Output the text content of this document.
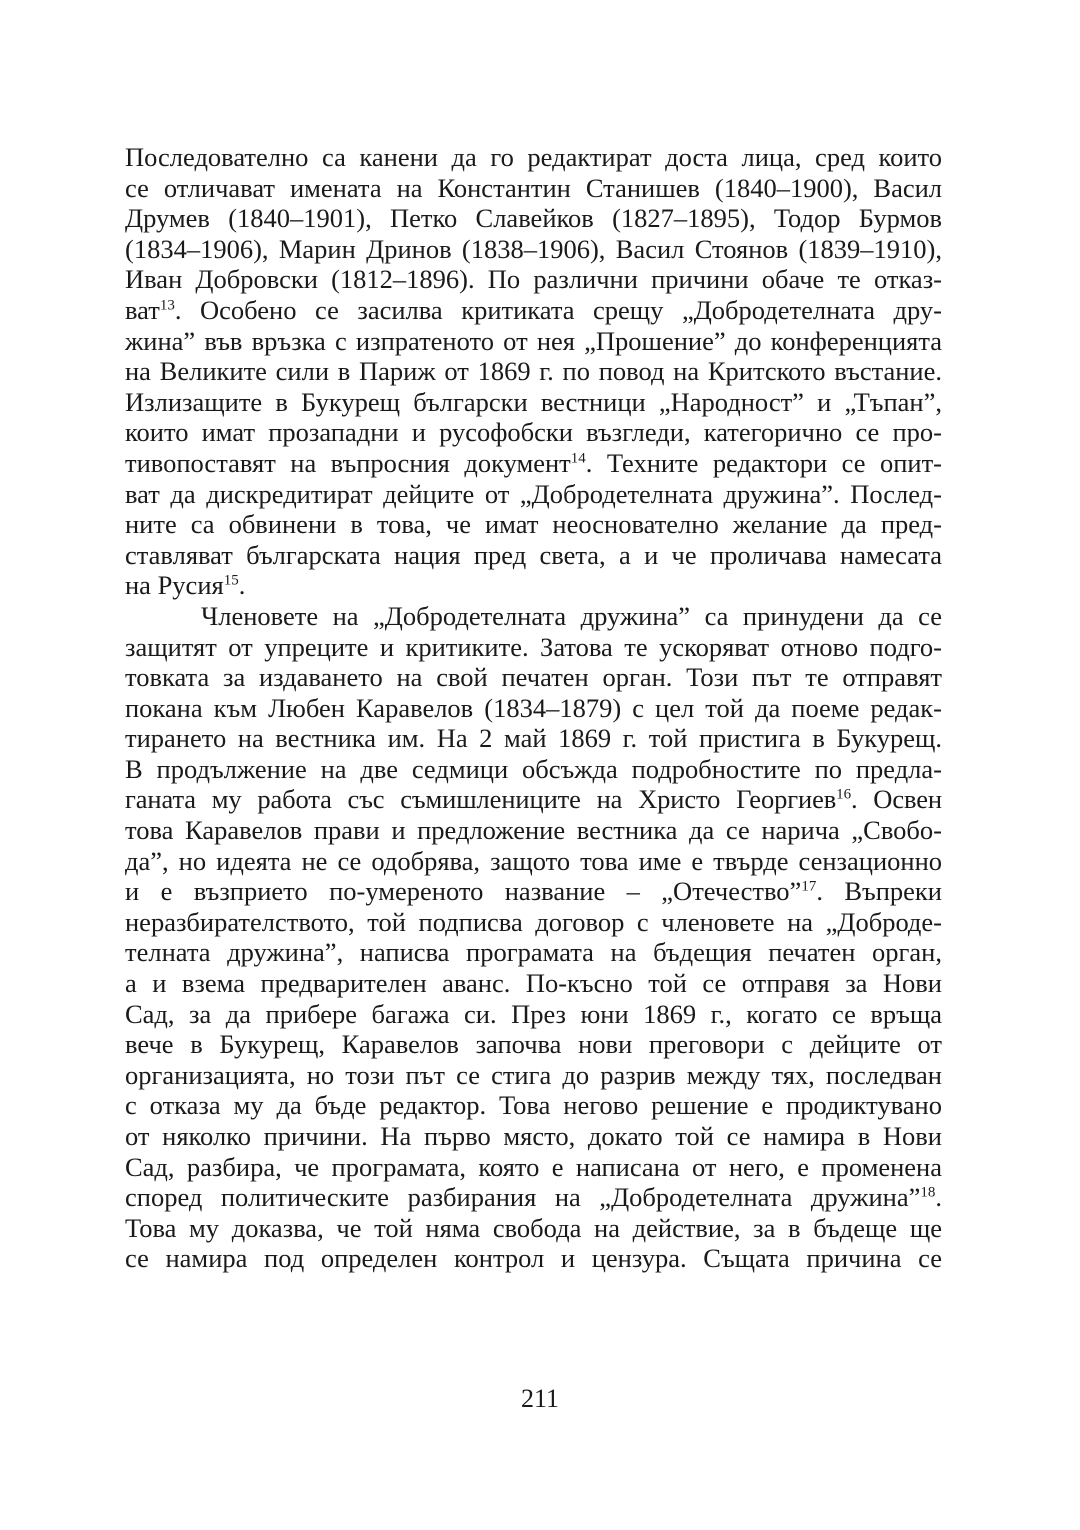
Последователно са канени да го редактират доста лица, сред които
се отличават имената на Константин Станишев (1840–1900), Васил
Друмев (1840–1901), Петко Славейков (1827–1895), Тодор Бурмов
(1834–1906), Марин Дринов (1838–1906), Васил Стоянов (1839–1910),
Иван Добровски (1812–1896). По различни причини обаче те отказ-
ват$^{13}$. Особено се засилва критиката срещу „Добродетелната дру-
жина” във връзка с изпратеното от нея „Прошение” до конференцията
на Великите сили в Париж от 1869 г. по повод на Критското въстание.
Излизащите в Букурещ български вестници „Народност” и „Тъпан”,
които имат прозападни и русофобски възгледи, категорично се про-
тивопоставят на въпросния документ$^{14}$. Техните редактори се опит-
ват да дискредитират дейците от „Добродетелната дружина”. Послед-
ните са обвинени в това, че имат неоснователно желание да пред-
ставляват българската нация пред света, а и че проличава намесата
на Русия$^{15}$.
Членовете на „Добродетелната дружина” са принудени да се
защитят от упреците и критиките. Затова те ускоряват отново подго-
товката за издаването на свой печатен орган. Този път те отправят
покана към Любен Каравелов (1834–1879) с цел той да поеме редак-
тирането на вестника им. На 2 май 1869 г. той пристига в Букурещ.
В продължение на две седмици обсъжда подробностите по предла-
ганата му работа със съмишлениците на Христо Георгиев$^{16}$. Освен
това Каравелов прави и предложение вестника да се нарича „Свобо-
да”, но идеята не се одобрява, защото това име е твърде сензационно
и е възприето по-умереното название – „Отечество”$^{17}$. Въпреки
неразбирателството, той подписва договор с членовете на „Доброде-
телната дружина”, написва програмата на бъдещия печатен орган,
а и взема предварителен аванс. По-късно той се отправя за Нови
Сад, за да прибере багажа си. През юни 1869 г., когато се връща
вече в Букурещ, Каравелов започва нови преговори с дейците от
организацията, но този път се стига до разрив между тях, последван
с отказа му да бъде редактор. Това негово решение е продиктувано
от няколко причини. На първо място, докато той се намира в Нови
Сад, разбира, че програмата, която е написана от него, е променена
според политическите разбирания на „Добродетелната дружина”$^{18}$.
Това му доказва, че той няма свобода на действие, за в бъдеще ще
се намира под определен контрол и цензура. Същата причина се
211
